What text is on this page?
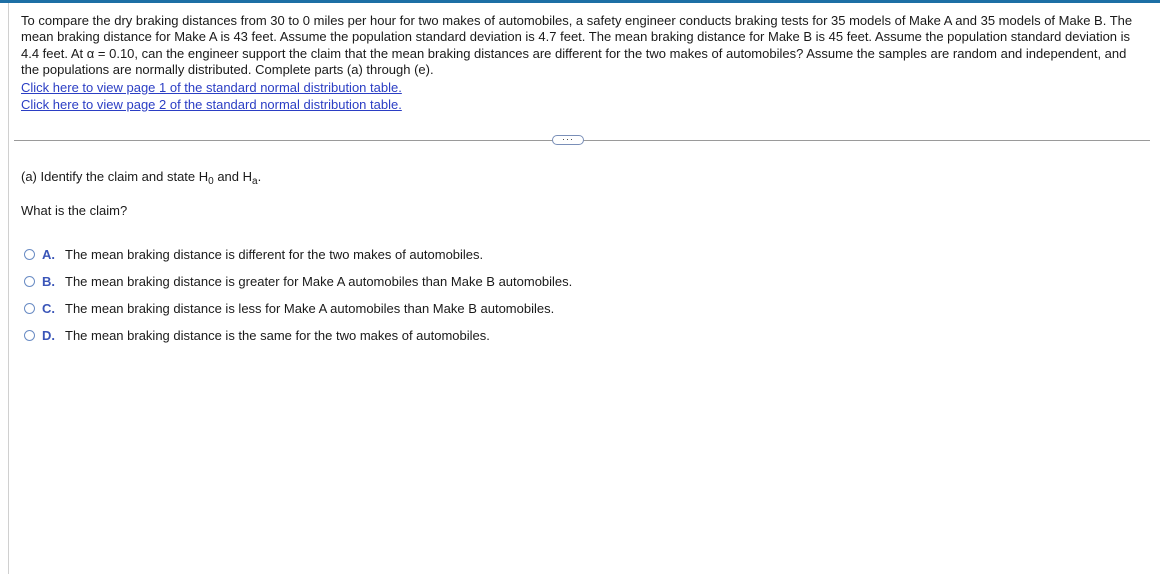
To compare the dry braking distances from 30 to 0 miles per hour for two makes of automobiles, a safety engineer conducts braking tests for 35 models of Make A and 35 models of Make B. The mean braking distance for Make A is 43 feet. Assume the population standard deviation is 4.7 feet. The mean braking distance for Make B is 45 feet. Assume the population standard deviation is 4.4 feet. At α = 0.10, can the engineer support the claim that the mean braking distances are different for the two makes of automobiles? Assume the samples are random and independent, and the populations are normally distributed. Complete parts (a) through (e).

Click here to view page 1 of the standard normal distribution table.
Click here to view page 2 of the standard normal distribution table.
···

(a) Identify the claim and state $H_0$ and $H_a$.

What is the claim?

A. The mean braking distance is different for the two makes of automobiles.
B. The mean braking distance is greater for Make A automobiles than Make B automobiles.
C. The mean braking distance is less for Make A automobiles than Make B automobiles.
D. The mean braking distance is the same for the two makes of automobiles.
